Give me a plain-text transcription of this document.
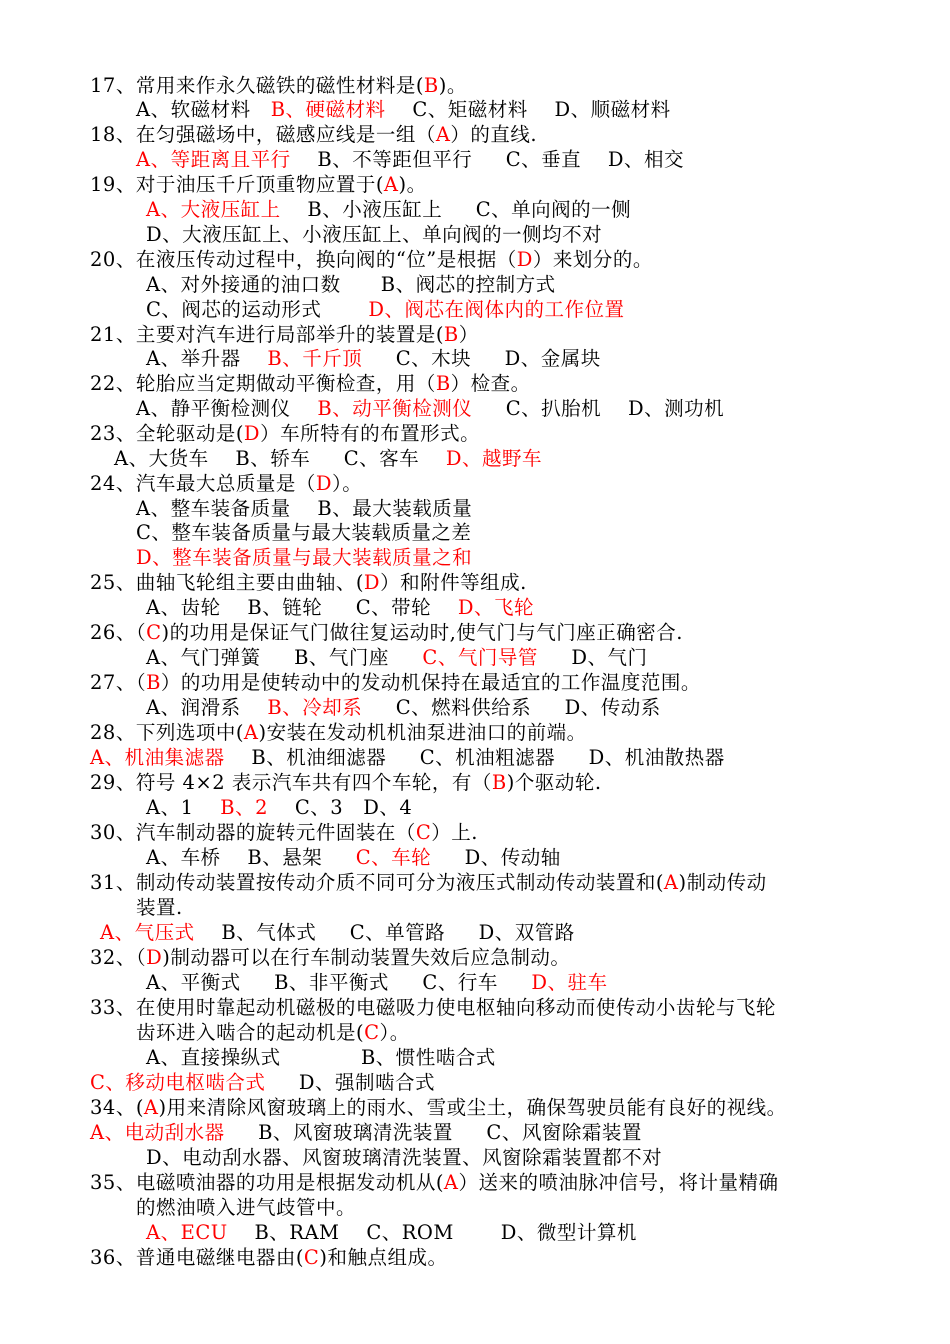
17、常用来作永久磁铁的磁性材料是(B)。
A、软磁材料   B、硬磁材料    C、矩磁材料    D、顺磁材料
18、在匀强磁场中，磁感应线是一组（A）的直线.
A、等距离且平行    B、不等距但平行     C、垂直    D、相交
19、对于油压千斤顶重物应置于(A)。
A、大液压缸上    B、小液压缸上     C、单向阀的一侧
D、大液压缸上、小液压缸上、单向阀的一侧均不对
20、在液压传动过程中，换向阀的“位”是根据（D）来划分的。
A、对外接通的油口数      B、阀芯的控制方式
C、阀芯的运动形式       D、阀芯在阀体内的工作位置
21、主要对汽车进行局部举升的装置是(B）
A、举升器    B、千斤顶     C、木块     D、金属块
22、轮胎应当定期做动平衡检查，用（B）检查。
A、静平衡检测仪    B、动平衡检测仪     C、扒胎机    D、测功机
23、全轮驱动是(D）车所特有的布置形式。
A、大货车    B、轿车     C、客车    D、越野车
24、汽车最大总质量是（D）。
A、整车装备质量    B、最大装载质量
C、整车装备质量与最大装载质量之差
D、整车装备质量与最大装载质量之和
25、曲轴飞轮组主要由曲轴、(D）和附件等组成.
A、齿轮    B、链轮     C、带轮    D、飞轮
26、（C)的功用是保证气门做往复运动时,使气门与气门座正确密合.
A、气门弹簧     B、气门座     C、气门导管     D、气门
27、（B）的功用是使转动中的发动机保持在最适宜的工作温度范围。
A、润滑系    B、冷却系     C、燃料供给系     D、传动系
28、下列选项中(A)安装在发动机机油泵进油口的前端。
A、机油集滤器    B、机油细滤器     C、机油粗滤器     D、机油散热器
29、符号 4×2 表示汽车共有四个车轮，有（B)个驱动轮.
A、1    B、2    C、3   D、4
30、汽车制动器的旋转元件固装在（C）上.
A、车桥    B、悬架     C、车轮     D、传动轴
31、制动传动装置按传动介质不同可分为液压式制动传动装置和(A)制动传动
装置.
A、气压式    B、气体式     C、单管路     D、双管路
32、（D)制动器可以在行车制动装置失效后应急制动。
A、平衡式     B、非平衡式     C、行车     D、驻车
33、在使用时靠起动机磁极的电磁吸力使电枢轴向移动而使传动小齿轮与飞轮
齿环进入啮合的起动机是(C）。
A、直接操纵式            B、惯性啮合式
C、移动电枢啮合式     D、强制啮合式
34、(A)用来清除风窗玻璃上的雨水、雪或尘土，确保驾驶员能有良好的视线。
A、电动刮水器     B、风窗玻璃清洗装置     C、风窗除霜装置
D、电动刮水器、风窗玻璃清洗装置、风窗除霜装置都不对
35、电磁喷油器的功用是根据发动机从(A）送来的喷油脉冲信号，将计量精确
的燃油喷入进气歧管中。
A、ECU    B、RAM    C、ROM       D、微型计算机
36、普通电磁继电器由(C)和触点组成。
